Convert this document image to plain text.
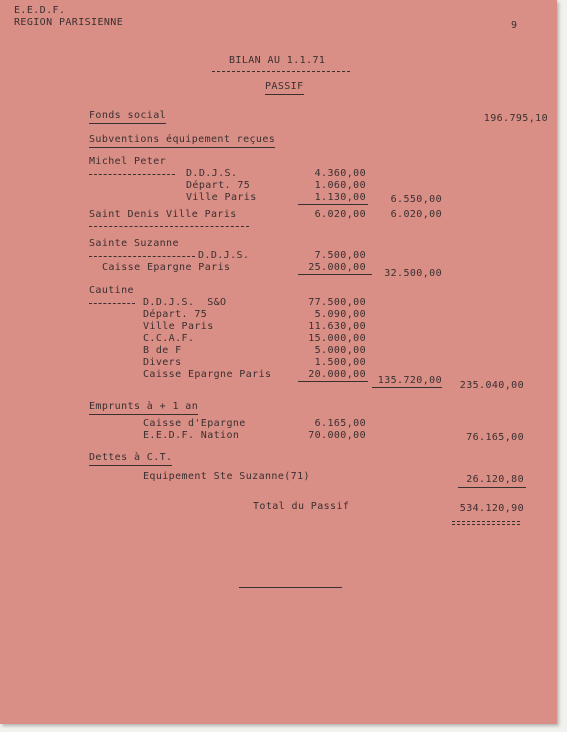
E.E.D.F.
REGION PARISIENNE	9
BILAN AU 1.1.71
PASSIF
Fonds social	196.795,10
Subventions équipement reçues
Michel Peter
D.D.J.S.	4.360,00
Départ. 75	1.060,00
Ville Paris	1.130,00	6.550,00
Saint Denis Ville Paris	6.020,00	6.020,00
Sainte Suzanne
D.D.J.S.	7.500,00
Caisse Epargne Paris	25.000,00
32.500,00
Cautine
D.D.J.S.  S&O	77.500,00
Départ. 75	5.090,00
Ville Paris	11.630,00
C.C.A.F.	15.000,00
B de F	5.000,00
Divers	1.500,00
Caisse Epargne Paris	20.000,00
135.720,00	235.040,00
Emprunts à + 1 an
Caisse d'Epargne	6.165,00
E.E.D.F. Nation	70.000,00	76.165,00
Dettes à C.T.
Equipement Ste Suzanne(71)	26.120,80
Total du Passif	534.120,90
